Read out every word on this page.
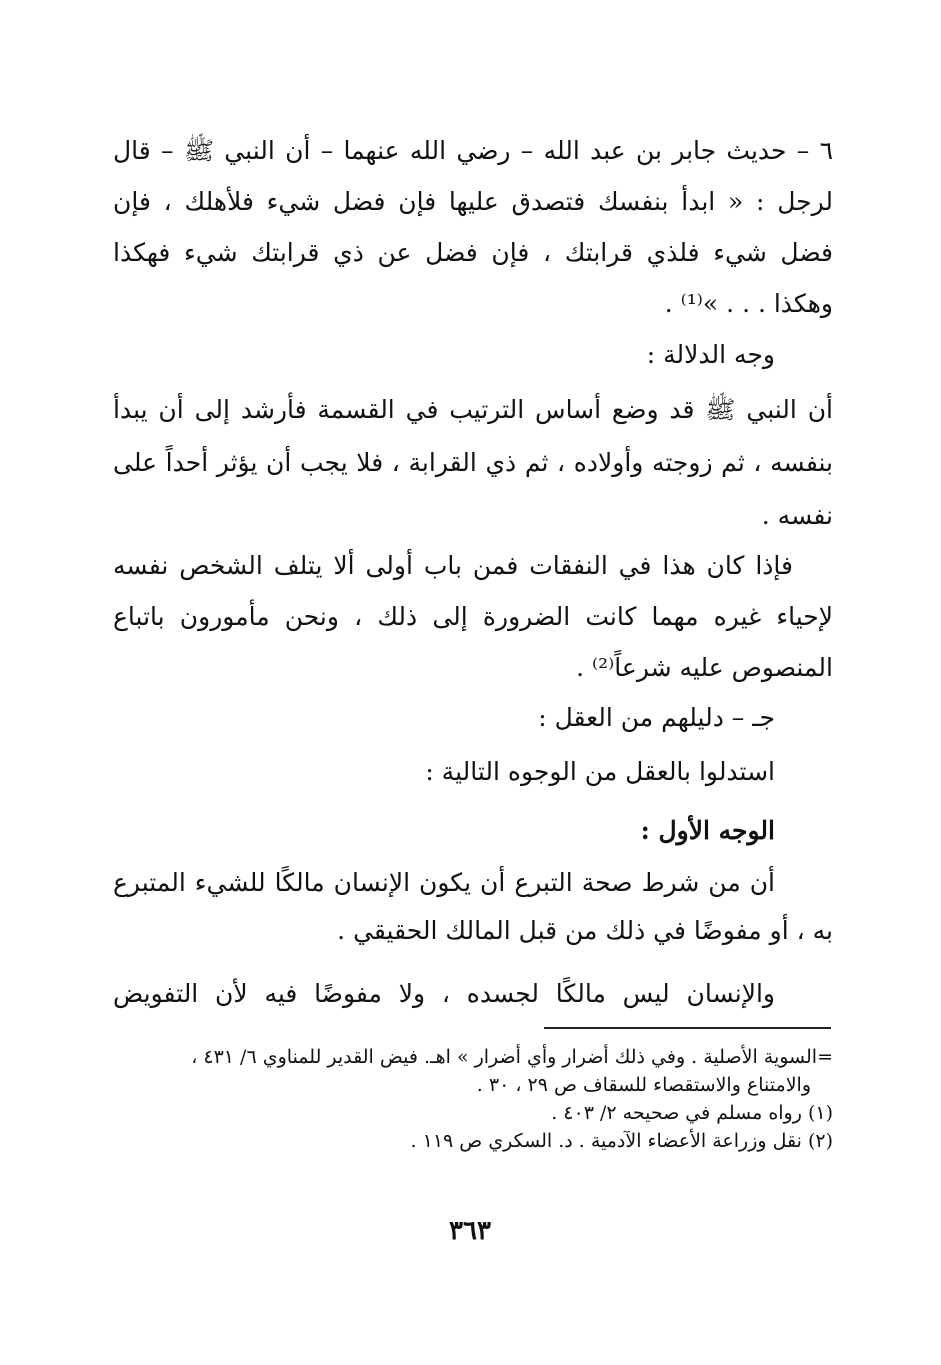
٦ – حديث جابر بن عبد الله – رضي الله عنهما – أن النبي ﷺ – قال لرجل : « ابدأ بنفسك فتصدق عليها فإن فضل شيء فلأهلك ، فإن فضل شيء فلذي قرابتك ، فإن فضل عن ذي قرابتك شيء فهكذا وهكذا . . . »⁽¹⁾ .

وجه الدلالة :

أن النبي ﷺ قد وضع أساس الترتيب في القسمة فأرشد إلى أن يبدأ بنفسه ، ثم زوجته وأولاده ، ثم ذي القرابة ، فلا يجب أن يؤثر أحداً على نفسه .

فإذا كان هذا في النفقات فمن باب أولى ألا يتلف الشخص نفسه لإحياء غيره مهما كانت الضرورة إلى ذلك ، ونحن مأمورون باتباع المنصوص عليه شرعاً⁽²⁾ .

جـ – دليلهم من العقل :

استدلوا بالعقل من الوجوه التالية :

الوجه الأول :

أن من شرط صحة التبرع أن يكون الإنسان مالكًا للشيء المتبرع به ، أو مفوضًا في ذلك من قبل المالك الحقيقي .

والإنسان ليس مالكًا لجسده ، ولا مفوضًا فيه لأن التفويض

=السوية الأصلية . وفي ذلك أضرار وأي أضرار » اهـ. فيض القدير للمناوي ٦/ ٤٣١ ،

والامتناع والاستقصاء للسقاف ص ٢٩ ، ٣٠ .

(١) رواه مسلم في صحيحه ٢/ ٤٠٣ .

(٢) نقل وزراعة الأعضاء الآدمية . د. السكري ص ١١٩ .

٣٦٣
